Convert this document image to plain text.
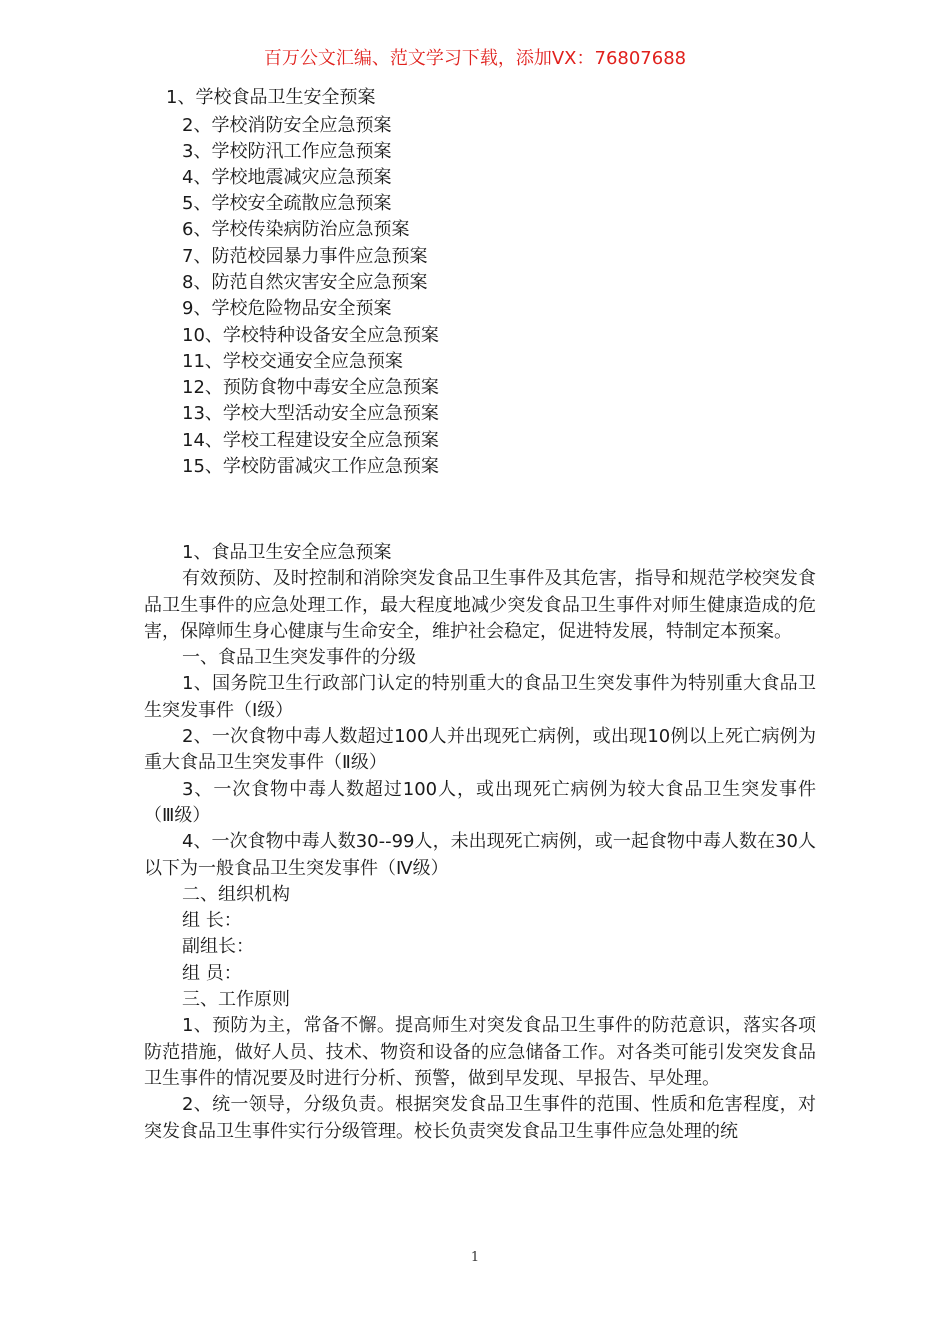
百万公文汇编、范文学习下载，添加VX：76807688
1、学校食品卫生安全预案
2、学校消防安全应急预案
3、学校防汛工作应急预案
4、学校地震减灾应急预案
5、学校安全疏散应急预案
6、学校传染病防治应急预案
7、防范校园暴力事件应急预案
8、防范自然灾害安全应急预案
9、学校危险物品安全预案
10、学校特种设备安全应急预案
11、学校交通安全应急预案
12、预防食物中毒安全应急预案
13、学校大型活动安全应急预案
14、学校工程建设安全应急预案
15、学校防雷减灾工作应急预案

1、食品卫生安全应急预案

有效预防、及时控制和消除突发食品卫生事件及其危害，指导和规范学校突发食品卫生事件的应急处理工作，最大程度地减少突发食品卫生事件对师生健康造成的危害，保障师生身心健康与生命安全，维护社会稳定，促进特发展，特制定本预案。

一、食品卫生突发事件的分级

1、国务院卫生行政部门认定的特别重大的食品卫生突发事件为特别重大食品卫生突发事件（Ⅰ级）

2、一次食物中毒人数超过100人并出现死亡病例，或出现10例以上死亡病例为重大食品卫生突发事件（Ⅱ级）

3、一次食物中毒人数超过100人，或出现死亡病例为较大食品卫生突发事件（Ⅲ级）

4、一次食物中毒人数30--99人，未出现死亡病例，或一起食物中毒人数在30人以下为一般食品卫生突发事件（Ⅳ级）

二、组织机构

组 长：

副组长：

组 员：

三、工作原则

1、预防为主，常备不懈。提高师生对突发食品卫生事件的防范意识，落实各项防范措施，做好人员、技术、物资和设备的应急储备工作。对各类可能引发突发食品卫生事件的情况要及时进行分析、预警，做到早发现、早报告、早处理。

2、统一领导，分级负责。根据突发食品卫生事件的范围、性质和危害程度，对突发食品卫生事件实行分级管理。校长负责突发食品卫生事件应急处理的统

1
